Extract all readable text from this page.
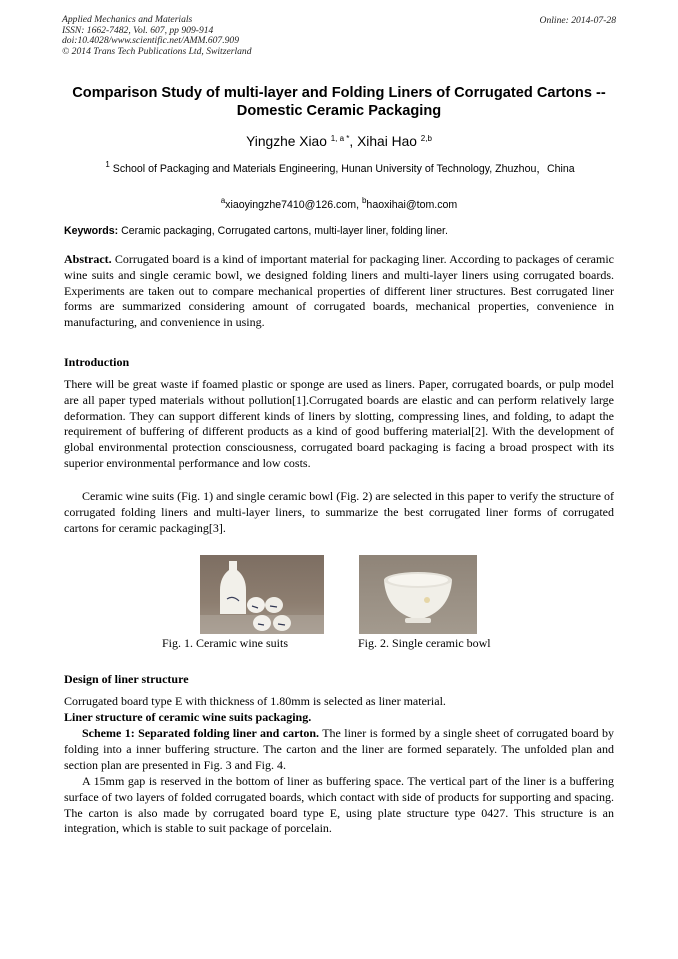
Applied Mechanics and Materials
ISSN: 1662-7482, Vol. 607, pp 909-914
doi:10.4028/www.scientific.net/AMM.607.909
© 2014 Trans Tech Publications Ltd, Switzerland
Online: 2014-07-28
Comparison Study of multi-layer and Folding Liners of Corrugated Cartons -- Domestic Ceramic Packaging
Yingzhe Xiao $^{1, a *}$, Xihai Hao $^{2,b}$
$^1$ School of Packaging and Materials Engineering, Hunan University of Technology, Zhuzhou，China
$^a$xiaoyingzhe7410@126.com, $^b$haoxihai@tom.com
Keywords: Ceramic packaging, Corrugated cartons, multi-layer liner, folding liner.
Abstract. Corrugated board is a kind of important material for packaging liner. According to packages of ceramic wine suits and single ceramic bowl, we designed folding liners and multi-layer liners using corrugated boards. Experiments are taken out to compare mechanical properties of different liner structures. Best corrugated liner forms are summarized considering amount of corrugated boards, mechanical properties, convenience in manufacturing, and convenience in using.
Introduction
There will be great waste if foamed plastic or sponge are used as liners. Paper, corrugated boards, or pulp model are all paper typed materials without pollution[1].Corrugated boards are elastic and can perform relatively large deformation. They can support different kinds of liners by slotting, compressing lines, and folding, to adapt the requirement of buffering of different products as a kind of good buffering material[2]. With the development of global environmental protection consciousness, corrugated board packaging is facing a broad prospect with its superior environmental performance and low costs.
Ceramic wine suits (Fig. 1) and single ceramic bowl (Fig. 2) are selected in this paper to verify the structure of corrugated folding liners and multi-layer liners, to summarize the best corrugated liner forms of corrugated cartons for ceramic packaging[3].
Fig. 1. Ceramic wine suits	Fig. 2. Single ceramic bowl
Design of liner structure
Corrugated board type E with thickness of 1.80mm is selected as liner material.
Liner structure of ceramic wine suits packaging.
Scheme 1: Separated folding liner and carton. The liner is formed by a single sheet of corrugated board by folding into a inner buffering structure. The carton and the liner are formed separately. The unfolded plan and section plan are presented in Fig. 3 and Fig. 4.
A 15mm gap is reserved in the bottom of liner as buffering space. The vertical part of the liner is a buffering surface of two layers of folded corrugated boards, which contact with side of products for supporting and spacing. The carton is also made by corrugated board type E, using plate structure type 0427. This structure is an integration, which is stable to suit package of porcelain.
